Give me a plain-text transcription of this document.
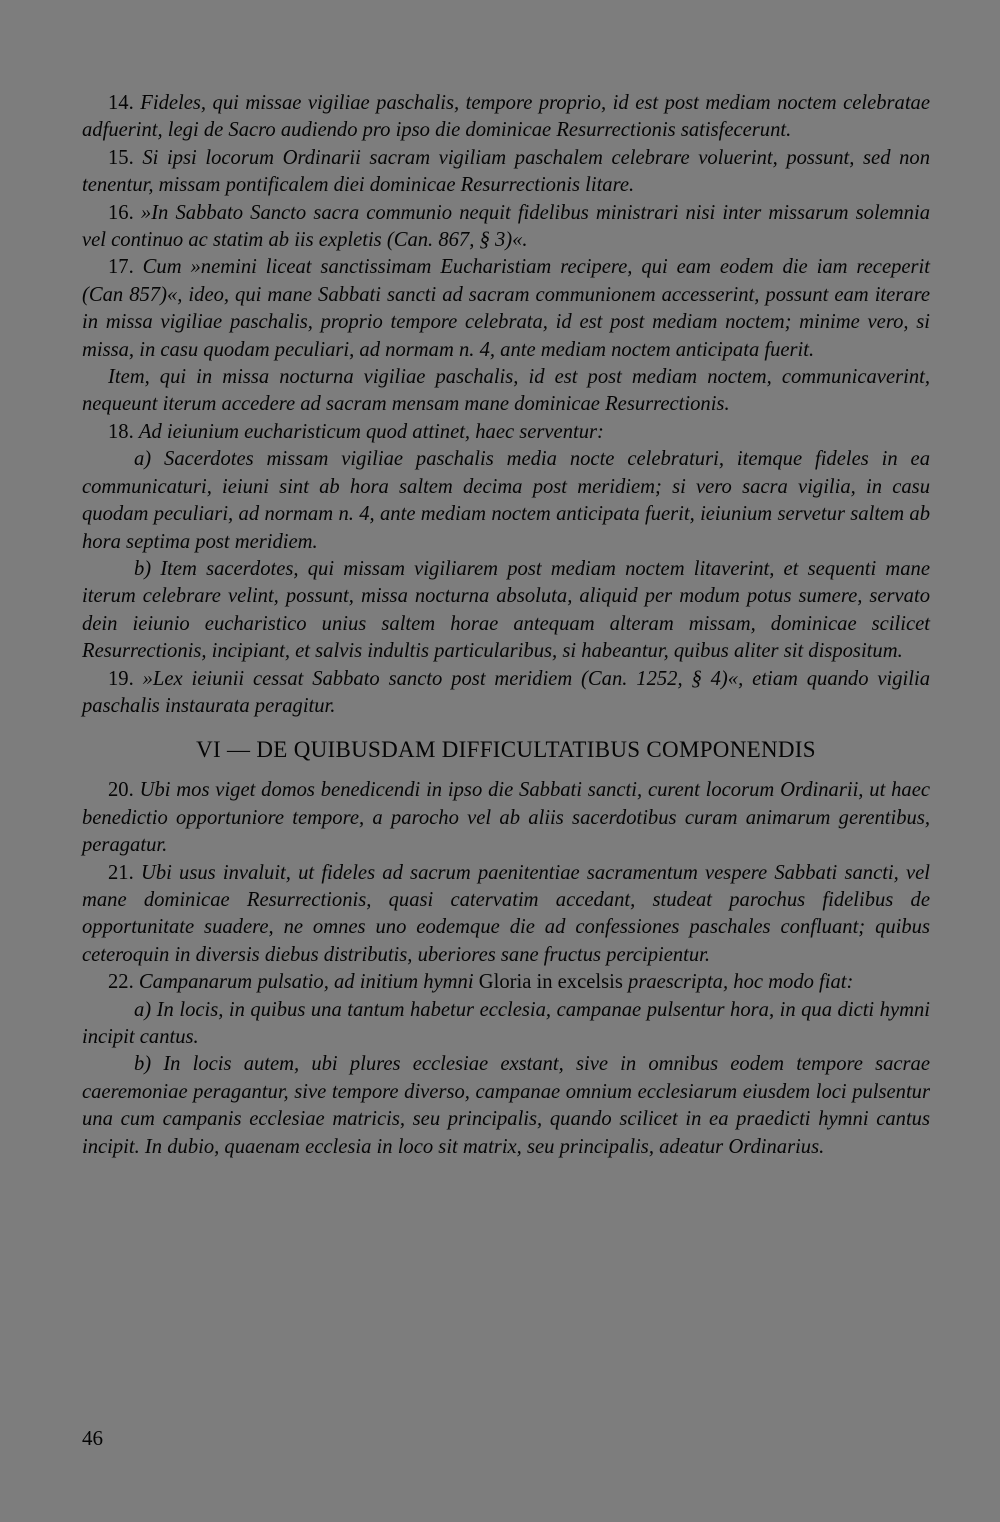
14. Fideles, qui missae vigiliae paschalis, tempore proprio, id est post mediam noctem celebratae adfuerint, legi de Sacro audiendo pro ipso die dominicae Resurrectionis satisfecerunt.

15. Si ipsi locorum Ordinarii sacram vigiliam paschalem celebrare voluerint, possunt, sed non tenentur, missam pontificalem diei dominicae Resurrectionis litare.

16. »In Sabbato Sancto sacra communio nequit fidelibus ministrari nisi inter missarum solemnia vel continuo ac statim ab iis expletis (Can. 867, § 3)«.

17. Cum »nemini liceat sanctissimam Eucharistiam recipere, qui eam eodem die iam receperit (Can 857)«, ideo, qui mane Sabbati sancti ad sacram communionem accesserint, possunt eam iterare in missa vigiliae paschalis, proprio tempore celebrata, id est post mediam noctem; minime vero, si missa, in casu quodam peculiari, ad normam n. 4, ante mediam noctem anticipata fuerit.

Item, qui in missa nocturna vigiliae paschalis, id est post mediam noctem, communicaverint, nequeunt iterum accedere ad sacram mensam mane dominicae Resurrectionis.

18. Ad ieiunium eucharisticum quod attinet, haec serventur:

a) Sacerdotes missam vigiliae paschalis media nocte celebraturi, itemque fideles in ea communicaturi, ieiuni sint ab hora saltem decima post meridiem; si vero sacra vigilia, in casu quodam peculiari, ad normam n. 4, ante mediam noctem anticipata fuerit, ieiunium servetur saltem ab hora septima post meridiem.

b) Item sacerdotes, qui missam vigiliarem post mediam noctem litaverint, et sequenti mane iterum celebrare velint, possunt, missa nocturna absoluta, aliquid per modum potus sumere, servato dein ieiunio eucharistico unius saltem horae antequam alteram missam, dominicae scilicet Resurrectionis, incipiant, et salvis indultis particularibus, si habeantur, quibus aliter sit dispositum.

19. »Lex ieiunii cessat Sabbato sancto post meridiem (Can. 1252, § 4)«, etiam quando vigilia paschalis instaurata peragitur.

VI — DE QUIBUSDAM DIFFICULTATIBUS COMPONENDIS

20. Ubi mos viget domos benedicendi in ipso die Sabbati sancti, curent locorum Ordinarii, ut haec benedictio opportuniore tempore, a parocho vel ab aliis sacerdotibus curam animarum gerentibus, peragatur.

21. Ubi usus invaluit, ut fideles ad sacrum paenitentiae sacramentum vespere Sabbati sancti, vel mane dominicae Resurrectionis, quasi catervatim accedant, studeat parochus fidelibus de opportunitate suadere, ne omnes uno eodemque die ad confessiones paschales confluant; quibus ceteroquin in diversis diebus distributis, uberiores sane fructus percipientur.

22. Campanarum pulsatio, ad initium hymni Gloria in excelsis praescripta, hoc modo fiat:

a) In locis, in quibus una tantum habetur ecclesia, campanae pulsentur hora, in qua dicti hymni incipit cantus.

b) In locis autem, ubi plures ecclesiae exstant, sive in omnibus eodem tempore sacrae caeremoniae peragantur, sive tempore diverso, campanae omnium ecclesiarum eiusdem loci pulsentur una cum campanis ecclesiae matricis, seu principalis, quando scilicet in ea praedicti hymni cantus incipit. In dubio, quaenam ecclesia in loco sit matrix, seu principalis, adeatur Ordinarius.

46
